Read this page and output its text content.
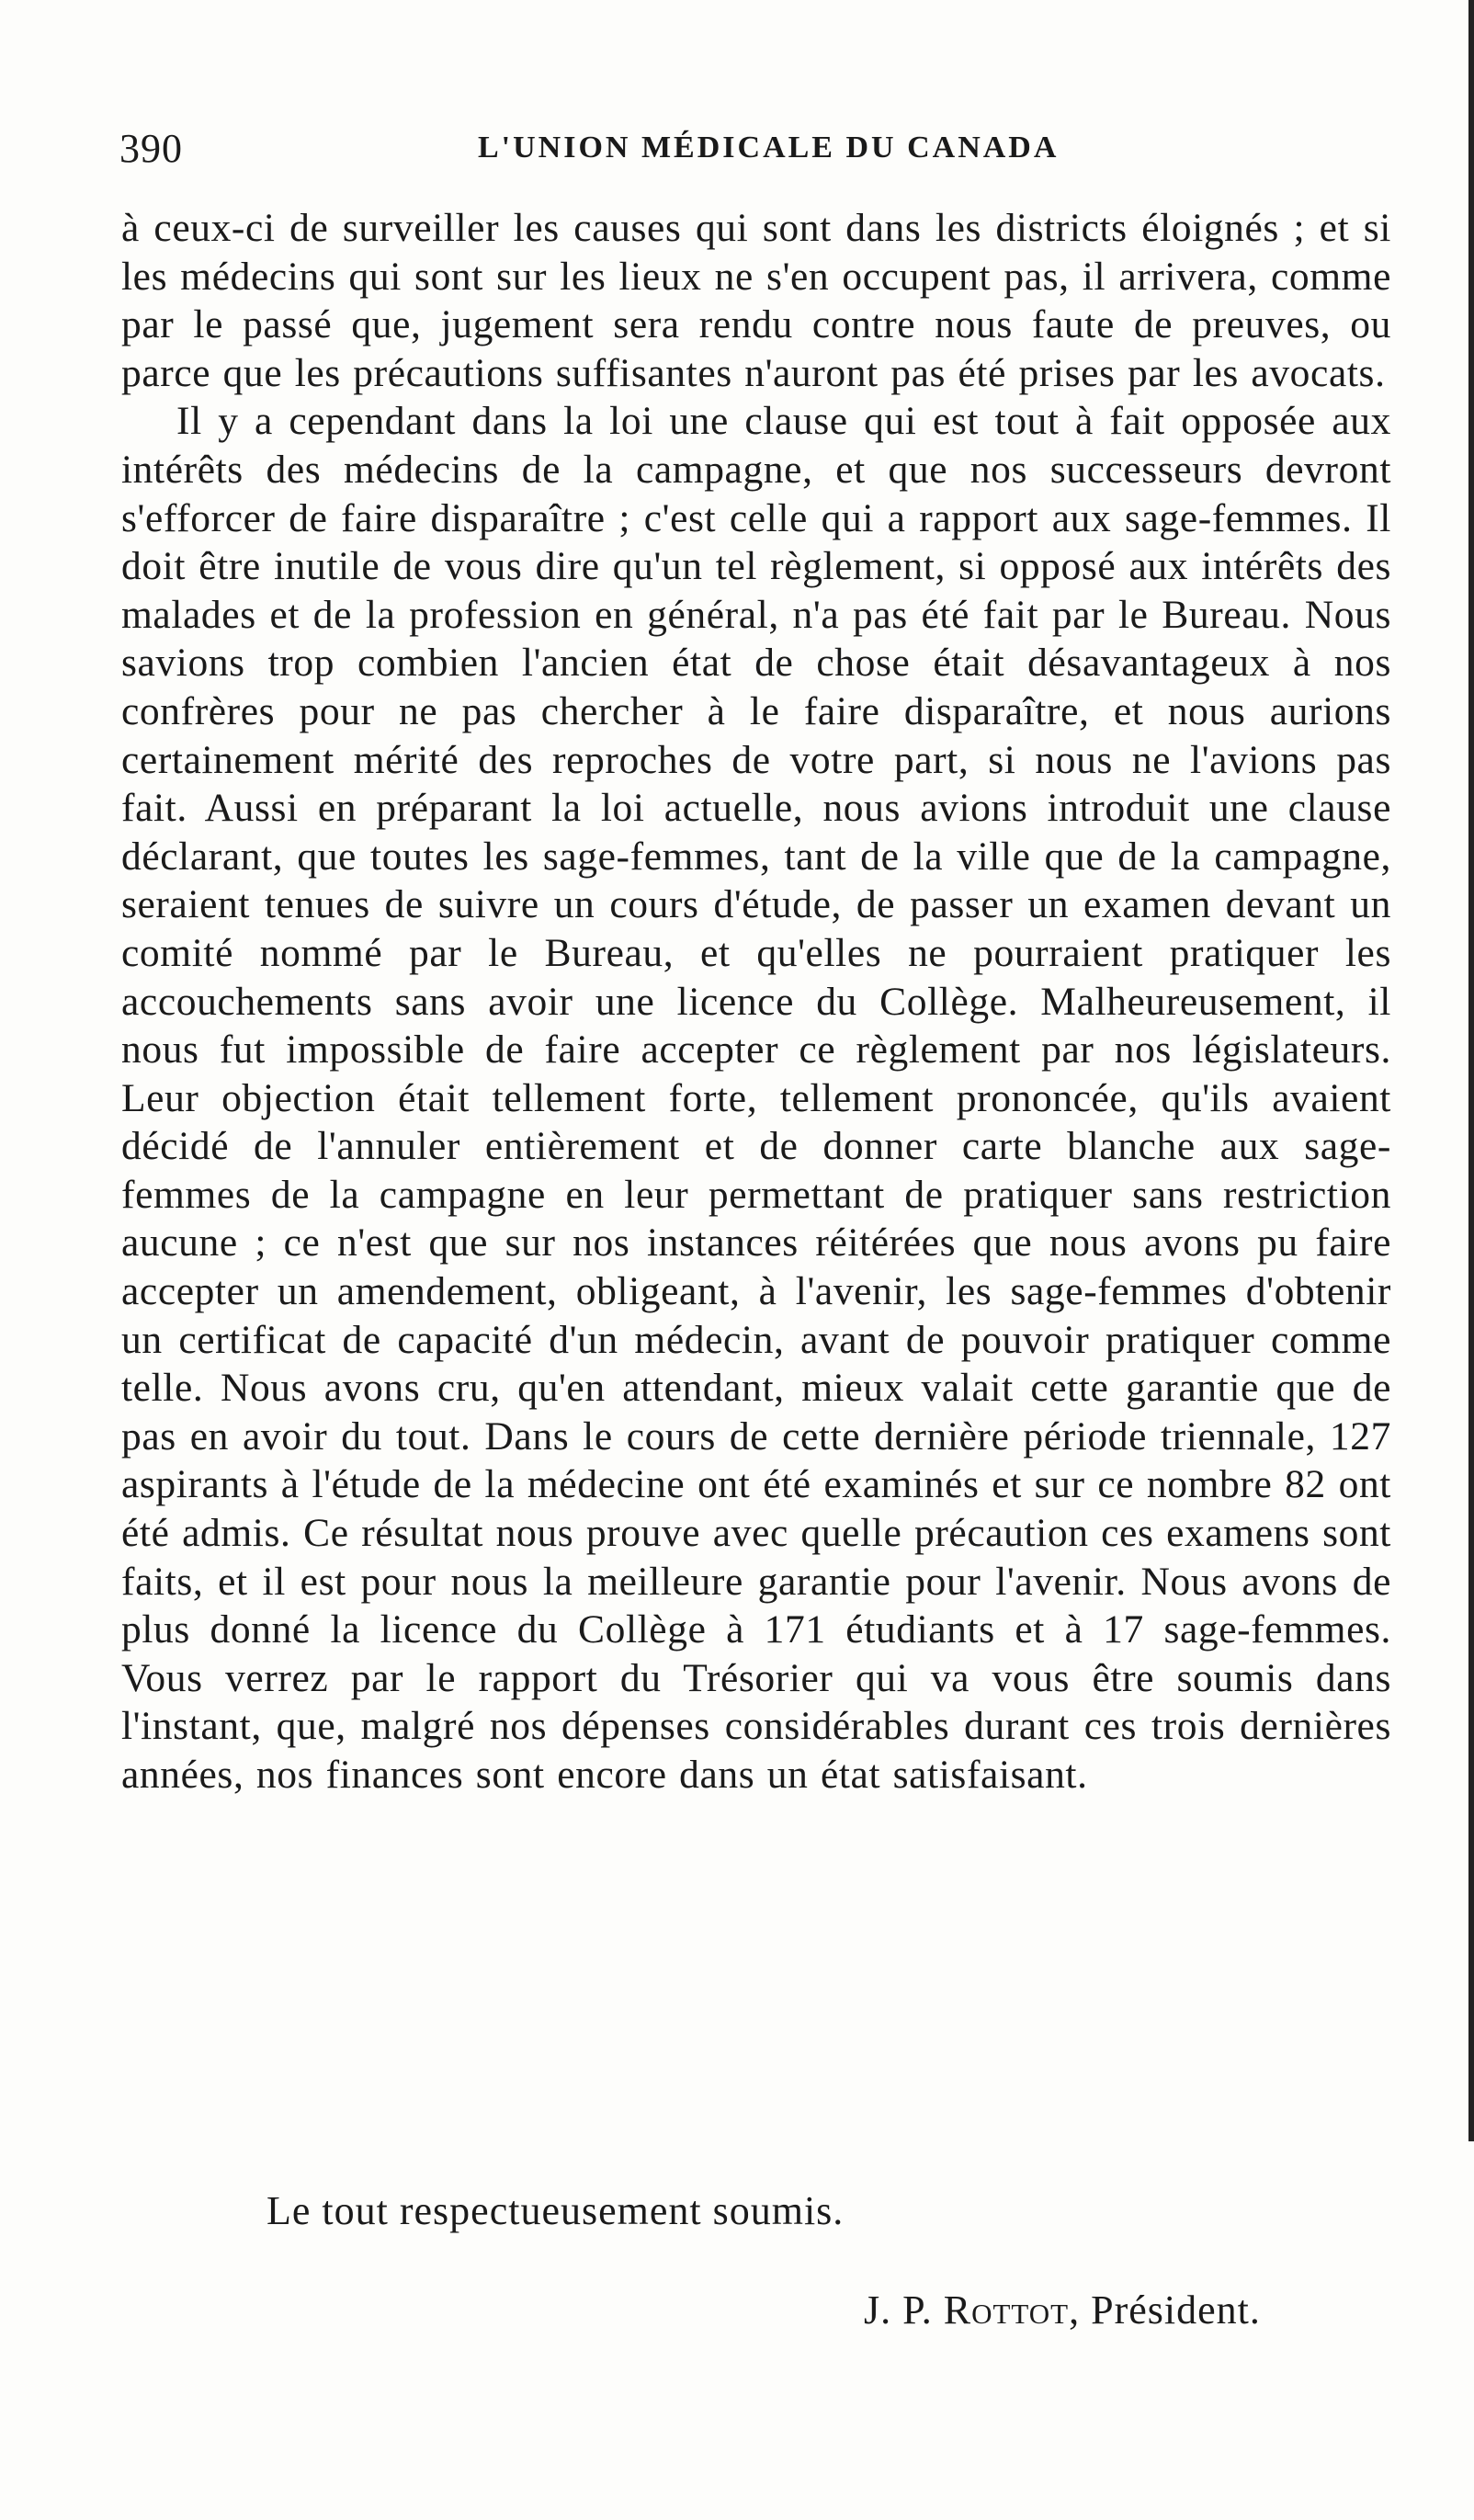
390	L'UNION MÉDICALE DU CANADA

à ceux-ci de surveiller les causes qui sont dans les districts éloignés ; et si les médecins qui sont sur les lieux ne s'en occupent pas, il arrivera, comme par le passé que, jugement sera rendu contre nous faute de preuves, ou parce que les précautions suffisantes n'auront pas été prises par les avocats.

Il y a cependant dans la loi une clause qui est tout à fait opposée aux intérêts des médecins de la campagne, et que nos successeurs devront s'efforcer de faire disparaître ; c'est celle qui a rapport aux sage-femmes. Il doit être inutile de vous dire qu'un tel règlement, si opposé aux intérêts des malades et de la profession en général, n'a pas été fait par le Bureau. Nous savions trop combien l'ancien état de chose était désavantageux à nos confrères pour ne pas chercher à le faire disparaître, et nous aurions certainement mérité des reproches de votre part, si nous ne l'avions pas fait. Aussi en préparant la loi actuelle, nous avions introduit une clause déclarant, que toutes les sage-femmes, tant de la ville que de la campagne, seraient tenues de suivre un cours d'étude, de passer un examen devant un comité nommé par le Bureau, et qu'elles ne pourraient pratiquer les accouchements sans avoir une licence du Collège. Malheureusement, il nous fut impossible de faire accepter ce règlement par nos législateurs. Leur objection était tellement forte, tellement prononcée, qu'ils avaient décidé de l'annuler entièrement et de donner carte blanche aux sage-femmes de la campagne en leur permettant de pratiquer sans restriction aucune ; ce n'est que sur nos instances réitérées que nous avons pu faire accepter un amendement, obligeant, à l'avenir, les sage-femmes d'obtenir un certificat de capacité d'un médecin, avant de pouvoir pratiquer comme telle. Nous avons cru, qu'en attendant, mieux valait cette garantie que de pas en avoir du tout. Dans le cours de cette dernière période triennale, 127 aspirants à l'étude de la médecine ont été examinés et sur ce nombre 82 ont été admis. Ce résultat nous prouve avec quelle précaution ces examens sont faits, et il est pour nous la meilleure garantie pour l'avenir. Nous avons de plus donné la licence du Collège à 171 étudiants et à 17 sage-femmes. Vous verrez par le rapport du Trésorier qui va vous être soumis dans l'instant, que, malgré nos dépenses considérables durant ces trois dernières années, nos finances sont encore dans un état satisfaisant.

Le tout respectueusement soumis.
J. P. Rottot, Président.
